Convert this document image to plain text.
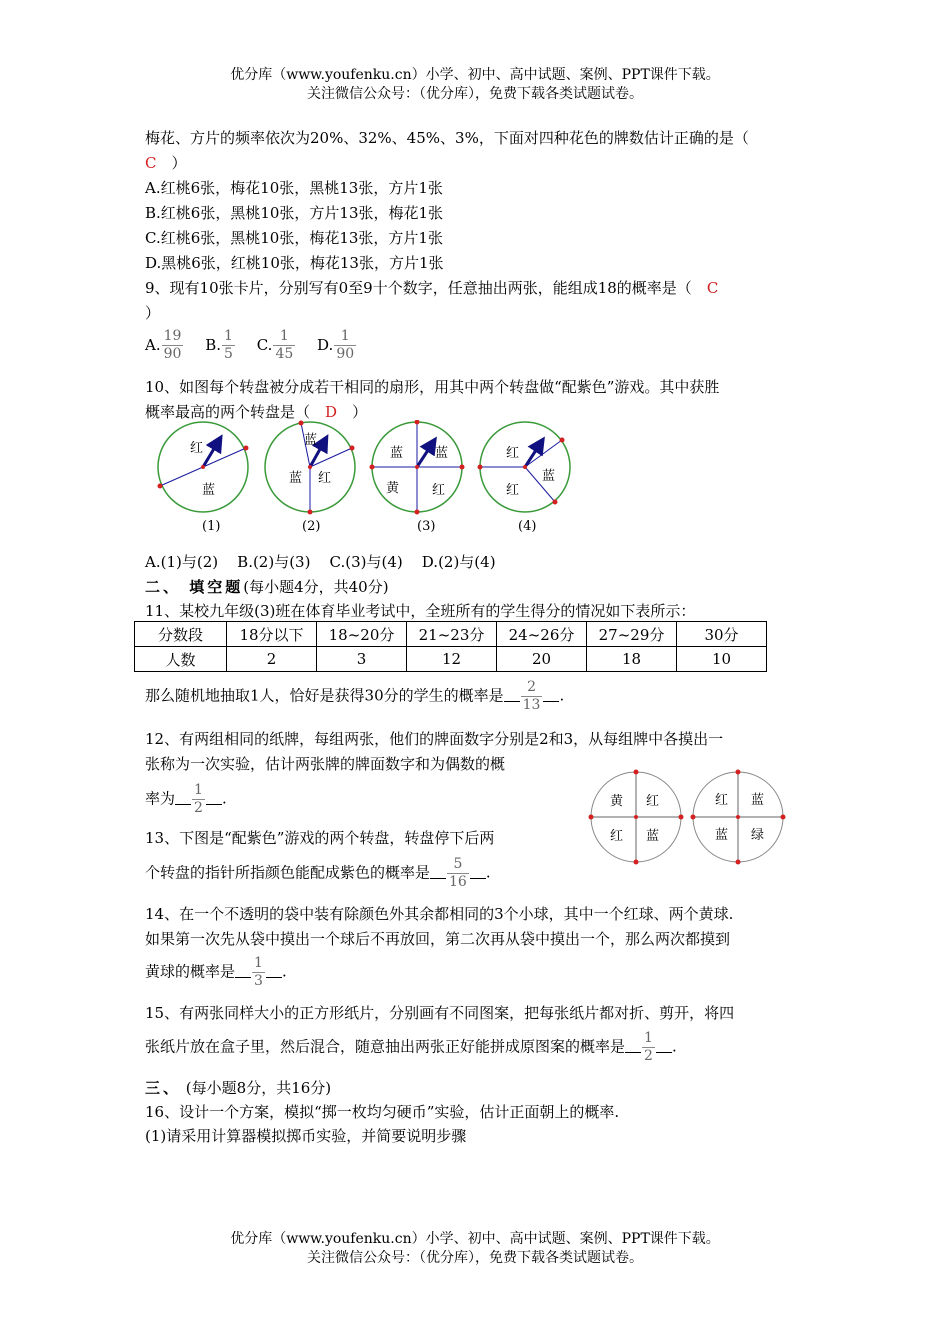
优分库（www.youfenku.cn）小学、初中、高中试题、案例、PPT课件下载。
关注微信公众号：（优分库），免费下载各类试题试卷。
梅花、方片的频率依次为20%、32%、45%、3%，下面对四种花色的牌数估计正确的是（
C　 ）
A.红桃6张，梅花10张，黑桃13张，方片1张
B.红桃6张，黑桃10张，方片13张，梅花1张
C.红桃6张，黑桃10张，梅花13张，方片1张
D.黑桃6张，红桃10张，梅花13张，方片1张
9、现有10张卡片，分别写有0至9十个数字，任意抽出两张，能组成18的概率是（　 C
）
A. $\frac{19}{90} B$. $\frac{1}{5} C$. $\frac{1}{45} D$. $\frac{1}{90}$
10、如图每个转盘被分成若干相同的扇形，用其中两个转盘做“配紫色”游戏。其中获胜
概率最高的两个转盘是（　 D　 ）
红
蓝
蓝
蓝 红
蓝 蓝
黄	红
红
红
蓝
(1)	(2)	(3)	(4)
A.(1)与(2)    B.(2)与(3)    C.(3)与(4)    D.(2)与(4)
二、 填空题(每小题4分，共40分)
11、某校九年级(3)班在体育毕业考试中，全班所有的学生得分的情况如下表所示：
分数段	18分以下	18~20分	21~23分	24~26分	27~29分	30分
人数	2	3	12	20	18	10
那么随机地抽取1人，恰好是获得30分的学生的概率是 $\frac{2}{13}$ .
12、有两组相同的纸牌，每组两张，他们的牌面数字分别是2和3，从每组牌中各摸出一
张称为一次实验，估计两张牌的牌面数字和为偶数的概
率为 $\frac{1}{2}$ .
13、下图是“配紫色”游戏的两个转盘，转盘停下后两
个转盘的指针所指颜色能配成紫色的概率是 $\frac{5}{16}$ .
黄 红
红 蓝
红 蓝
蓝 绿
14、在一个不透明的袋中装有除颜色外其余都相同的3个小球，其中一个红球、两个黄球.
如果第一次先从袋中摸出一个球后不再放回，第二次再从袋中摸出一个，那么两次都摸到
黄球的概率是 $\frac{1}{3}$ .
15、有两张同样大小的正方形纸片，分别画有不同图案，把每张纸片都对折、剪开，将四
张纸片放在盒子里，然后混合，随意抽出两张正好能拼成原图案的概率是 $\frac{1}{2}$ .
三、 (每小题8分，共16分)
16、设计一个方案，模拟“掷一枚均匀硬币”实验，估计正面朝上的概率.
(1)请采用计算器模拟掷币实验，并简要说明步骤
优分库（www.youfenku.cn）小学、初中、高中试题、案例、PPT课件下载。
关注微信公众号：（优分库），免费下载各类试题试卷。
